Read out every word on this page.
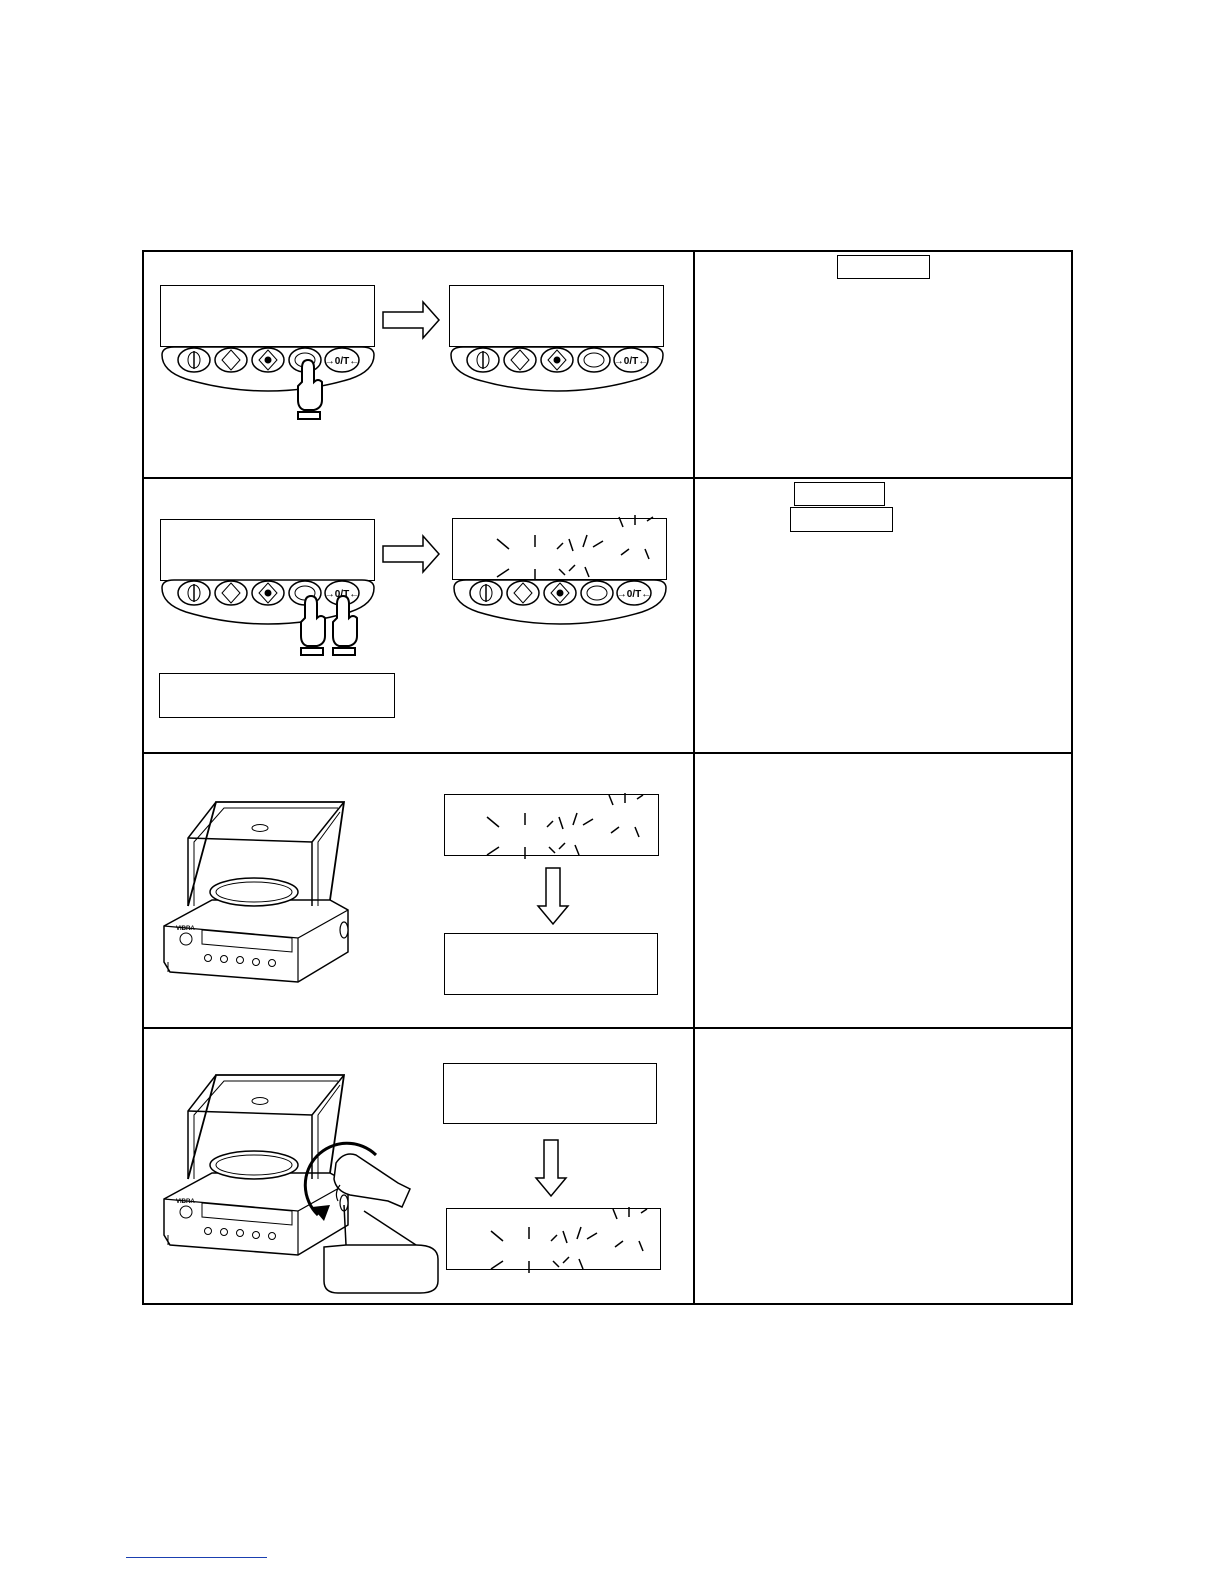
→0/T←
VIBRA
